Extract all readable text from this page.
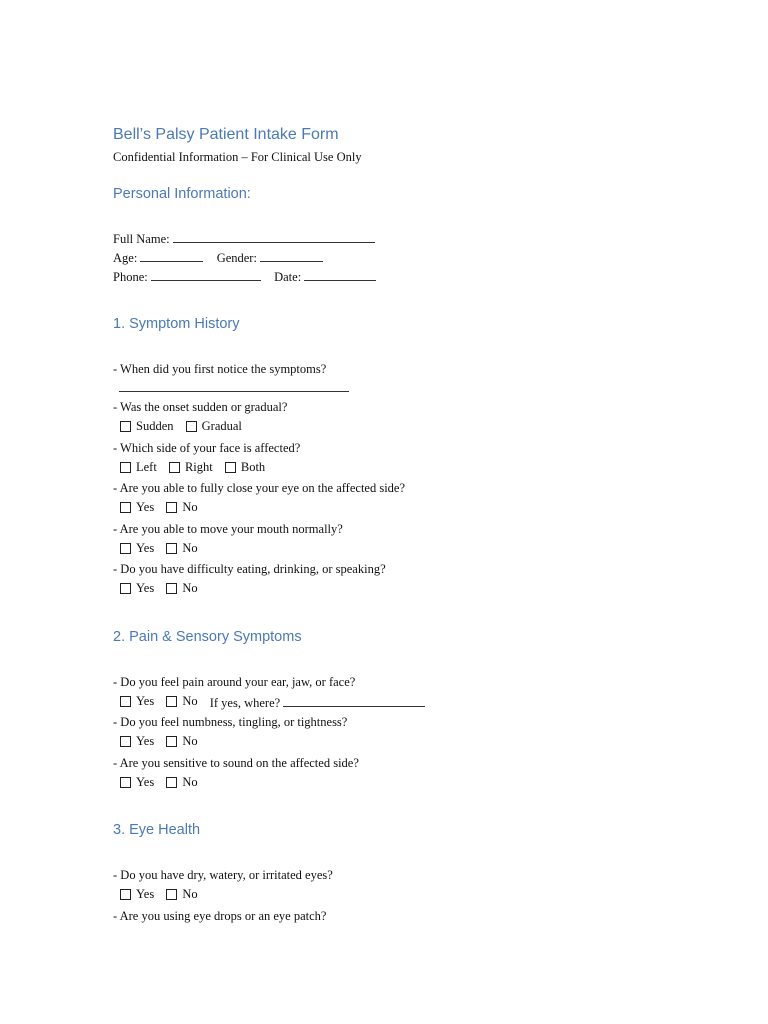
Bell’s Palsy Patient Intake Form
Confidential Information – For Clinical Use Only
Personal Information:
Full Name:
Age:	Gender:
Phone:	Date:
1. Symptom History
- When did you first notice the symptoms?
- Was the onset sudden or gradual?
Sudden
Gradual
- Which side of your face is affected?
Left
Right
Both
- Are you able to fully close your eye on the affected side?
Yes
No
- Are you able to move your mouth normally?
Yes
No
- Do you have difficulty eating, drinking, or speaking?
Yes
No
2. Pain & Sensory Symptoms
- Do you feel pain around your ear, jaw, or face?
Yes
No If yes, where?
- Do you feel numbness, tingling, or tightness?
Yes
No
- Are you sensitive to sound on the affected side?
Yes
No
3. Eye Health
- Do you have dry, watery, or irritated eyes?
Yes
No
- Are you using eye drops or an eye patch?
